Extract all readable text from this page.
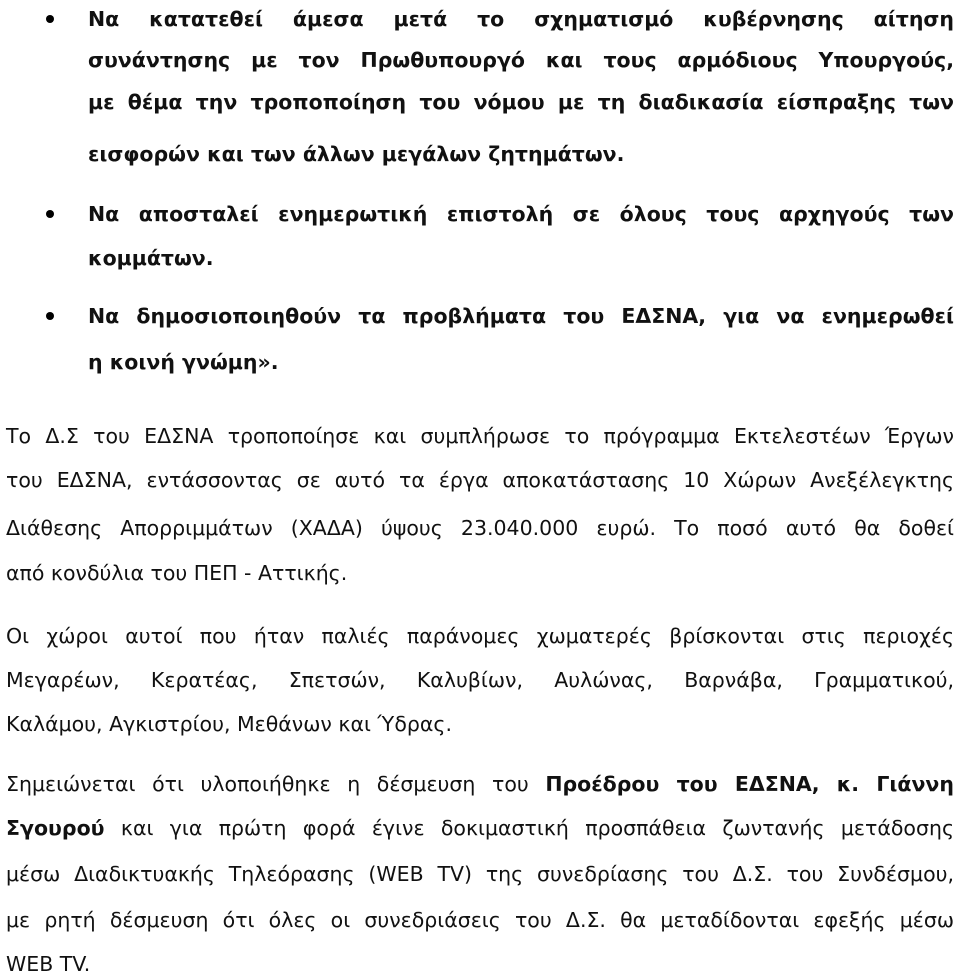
Να κατατεθεί άμεσα μετά το σχηματισμό κυβέρνησης αίτηση
συνάντησης με τον Πρωθυπουργό και τους αρμόδιους Υπουργούς,
με θέμα την τροποποίηση του νόμου με τη διαδικασία είσπραξης των
εισφορών και των άλλων μεγάλων ζητημάτων.
Να αποσταλεί ενημερωτική επιστολή σε όλους τους αρχηγούς των
κομμάτων.
Να δημοσιοποιηθούν τα προβλήματα του ΕΔΣΝΑ, για να ενημερωθεί
η κοινή γνώμη».
Το Δ.Σ του ΕΔΣΝΑ τροποποίησε και συμπλήρωσε το πρόγραμμα Εκτελεστέων Έργων
του ΕΔΣΝΑ, εντάσσοντας σε αυτό τα έργα αποκατάστασης 10 Χώρων Ανεξέλεγκτης
Διάθεσης Απορριμμάτων (ΧΑΔΑ) ύψους 23.040.000 ευρώ. Το ποσό αυτό θα δοθεί
από κονδύλια του ΠΕΠ - Αττικής.
Οι χώροι αυτοί που ήταν παλιές παράνομες χωματερές βρίσκονται στις περιοχές
Μεγαρέων, Κερατέας, Σπετσών, Καλυβίων, Αυλώνας, Βαρνάβα, Γραμματικού,
Καλάμου, Αγκιστρίου, Μεθάνων και Ύδρας.
Σημειώνεται ότι υλοποιήθηκε η δέσμευση του Προέδρου του ΕΔΣΝΑ, κ. Γιάννη
Σγουρού και για πρώτη φορά έγινε δοκιμαστική προσπάθεια ζωντανής μετάδοσης
μέσω Διαδικτυακής Τηλεόρασης (WEB TV) της συνεδρίασης του Δ.Σ. του Συνδέσμου,
με ρητή δέσμευση ότι όλες οι συνεδριάσεις του Δ.Σ. θα μεταδίδονται εφεξής μέσω
WEB TV.
